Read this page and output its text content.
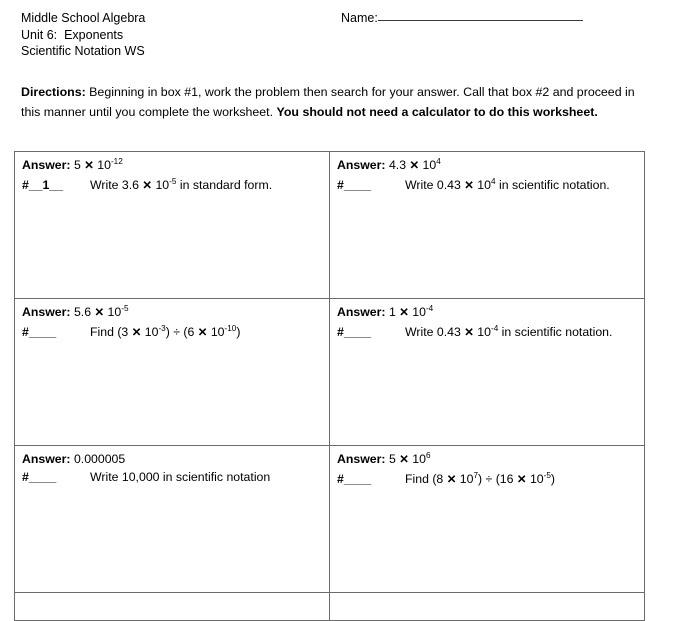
Middle School Algebra
Unit 6:  Exponents
Scientific Notation WS
Name:
Directions: Beginning in box #1, work the problem then search for your answer. Call that box #2 and proceed in this manner until you complete the worksheet. You should not need a calculator to do this worksheet.
Answer: 5 ✕ $10^{-12}$
#__1__	Write 3.6 ✕ $10^{-5}$ in standard form.
Answer: 4.3 ✕ $10^4$
#____	Write 0.43 ✕ $10^4$ in scientific notation.
Answer: 5.6 ✕ $10^{-5}$
#____	Find (3 ✕ $10^{-3}) \div (6$ ✕ $10^{-10}$)
Answer: 1 ✕ $10^{-4}$
#____	Write 0.43 ✕ $10^{-4}$ in scientific notation.
Answer: 0.000005
#____	Write 10,000 in scientific notation
Answer: 5 ✕ $10^6$
#____	Find (8 ✕ $10^7) \div (16$ ✕ $10^{-5}$)
